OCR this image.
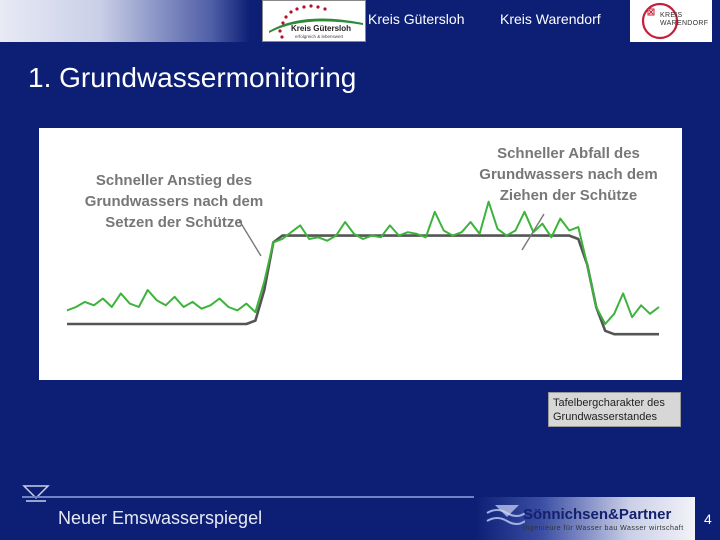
Kreis Gütersloh
erfolgreich & lebenswert
Kreis Gütersloh	Kreis Warendorf	KREIS
WARENDORF
1. Grundwassermonitoring
Schneller Anstieg des
Grundwassers nach dem
Setzen der Schütze
Schneller Abfall des
Grundwassers nach dem
Ziehen der Schütze
Tafelbergcharakter des Grundwasserstandes
Neuer Emswasserspiegel	Sönnichsen&Partner
Ingenieure für Wasser bau Wasser wirtschaft
4
